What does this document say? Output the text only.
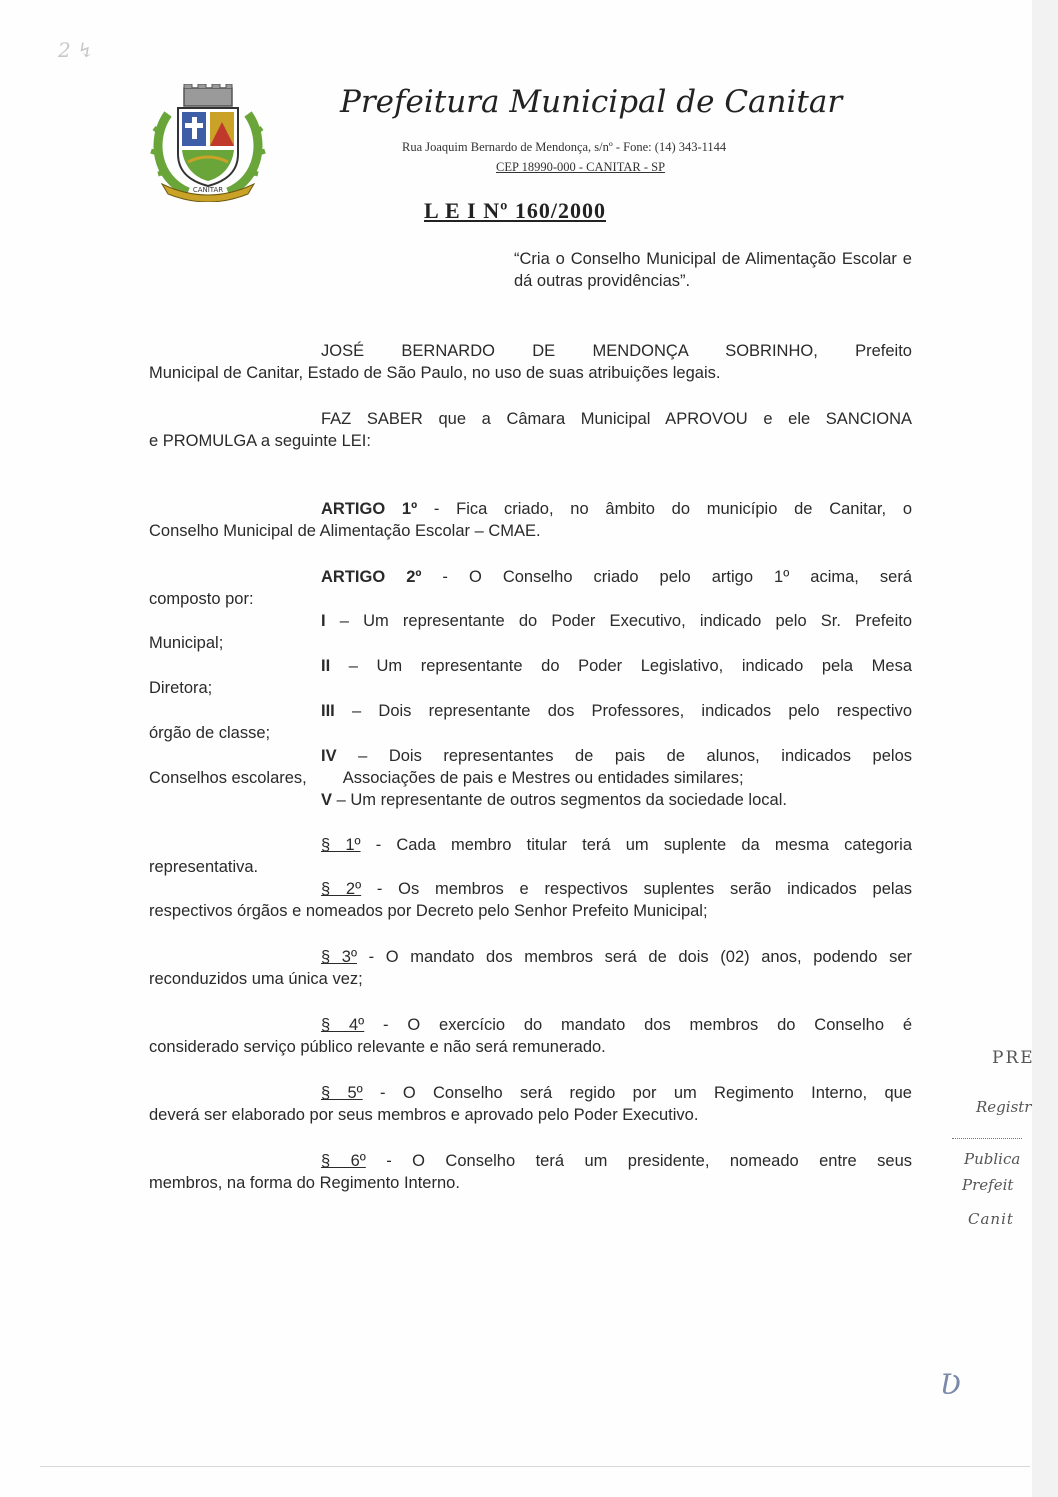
2 ↯
CANITAR
Prefeitura Municipal de Canitar
Rua Joaquim Bernardo de Mendonça, s/nº - Fone: (14) 343-1144
CEP 18990-000 - CANITAR - SP
L E I Nº 160/2000
“Cria o Conselho Municipal de Alimentação Escolar e dá outras providências”.
JOSÉ BERNARDO DE MENDONÇA SOBRINHO, Prefeito
Municipal de Canitar, Estado de São Paulo, no uso de suas atribuições legais.
FAZ SABER que a Câmara Municipal APROVOU e ele SANCIONA
e PROMULGA a seguinte LEI:
ARTIGO 1º - Fica criado, no âmbito do município de Canitar, o
Conselho Municipal de Alimentação Escolar – CMAE.
ARTIGO 2º - O Conselho criado pelo artigo 1º acima, será
composto por:
I – Um representante do Poder Executivo, indicado pelo Sr. Prefeito
Municipal;
II – Um representante do Poder Legislativo, indicado pela Mesa
Diretora;
III – Dois representante dos Professores, indicados pelo respectivo
órgão de classe;
IV – Dois representantes de pais de alunos, indicados pelos
Conselhos escolares, Associações de pais e Mestres ou entidades similares;
V – Um representante de outros segmentos da sociedade local.
§ 1º - Cada membro titular terá um suplente da mesma categoria
representativa.
§ 2º - Os membros e respectivos suplentes serão indicados pelas
respectivos órgãos e nomeados por Decreto pelo Senhor Prefeito Municipal;
§ 3º - O mandato dos membros será de dois (02) anos, podendo ser
reconduzidos uma única vez;
§ 4º - O exercício do mandato dos membros do Conselho é
considerado serviço público relevante e não será remunerado.
§ 5º - O Conselho será regido por um Regimento Interno, que
deverá ser elaborado por seus membros e aprovado pelo Poder Executivo.
§ 6º - O Conselho terá um presidente, nomeado entre seus
membros, na forma do Regimento Interno.
PRE
Registr
Publica
Prefeit
Canit
Ʋ
